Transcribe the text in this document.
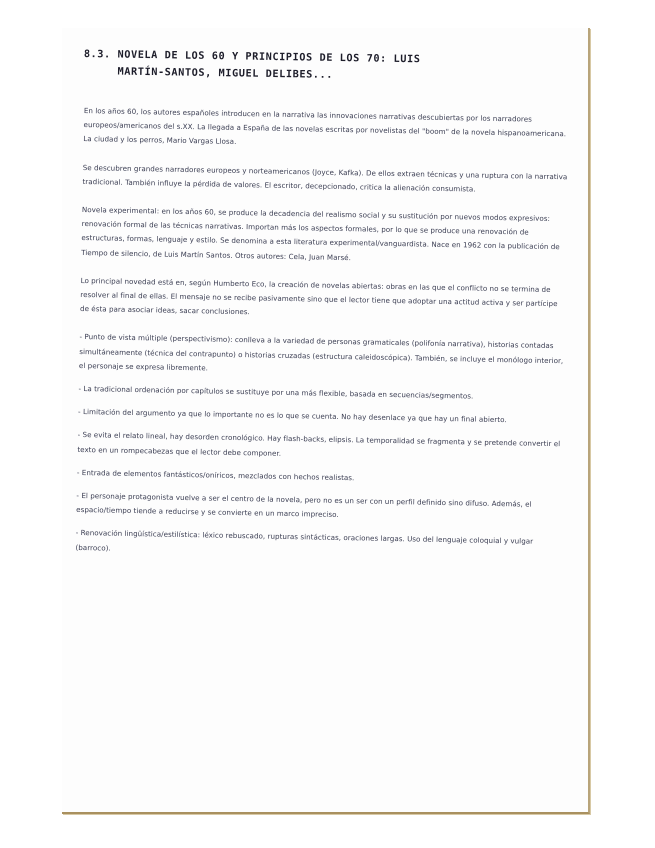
8.3. NOVELA DE LOS 60 Y PRINCIPIOS DE LOS 70: LUIS
MARTÍN-SANTOS, MIGUEL DELIBES...

En los años 60, los autores españoles introducen en la narrativa las innovaciones narrativas descubiertas por los narradores europeos/americanos del s.XX. La llegada a España de las novelas escritas por novelistas del "boom" de la novela hispanoamericana. La ciudad y los perros, Mario Vargas Llosa.

Se descubren grandes narradores europeos y norteamericanos (Joyce, Kafka). De ellos extraen técnicas y una ruptura con la narrativa tradicional. También influye la pérdida de valores. El escritor, decepcionado, critica la alienación consumista.

Novela experimental: en los años 60, se produce la decadencia del realismo social y su sustitución por nuevos modos expresivos: renovación formal de las técnicas narrativas. Importan más los aspectos formales, por lo que se produce una renovación de estructuras, formas, lenguaje y estilo. Se denomina a esta literatura experimental/vanguardista. Nace en 1962 con la publicación de Tiempo de silencio, de Luis Martín Santos. Otros autores: Cela, Juan Marsé.

Lo principal novedad está en, según Humberto Eco, la creación de novelas abiertas: obras en las que el conflicto no se termina de resolver al final de ellas. El mensaje no se recibe pasivamente sino que el lector tiene que adoptar una actitud activa y ser partícipe de ésta para asociar ideas, sacar conclusiones.

- Punto de vista múltiple (perspectivismo): conlleva a la variedad de personas gramaticales (polifonía narrativa), historias contadas simultáneamente (técnica del contrapunto) o historias cruzadas (estructura caleidoscópica). También, se incluye el monólogo interior, el personaje se expresa libremente.
- La tradicional ordenación por capítulos se sustituye por una más flexible, basada en secuencias/segmentos.
- Limitación del argumento ya que lo importante no es lo que se cuenta. No hay desenlace ya que hay un final abierto.
- Se evita el relato lineal, hay desorden cronológico. Hay flash-backs, elipsis. La temporalidad se fragmenta y se pretende convertir el texto en un rompecabezas que el lector debe componer.
- Entrada de elementos fantásticos/oníricos, mezclados con hechos realistas.
- El personaje protagonista vuelve a ser el centro de la novela, pero no es un ser con un perfil definido sino difuso. Además, el espacio/tiempo tiende a reducirse y se convierte en un marco impreciso.
- Renovación lingüística/estilística: léxico rebuscado, rupturas sintácticas, oraciones largas. Uso del lenguaje coloquial y vulgar (barroco).
